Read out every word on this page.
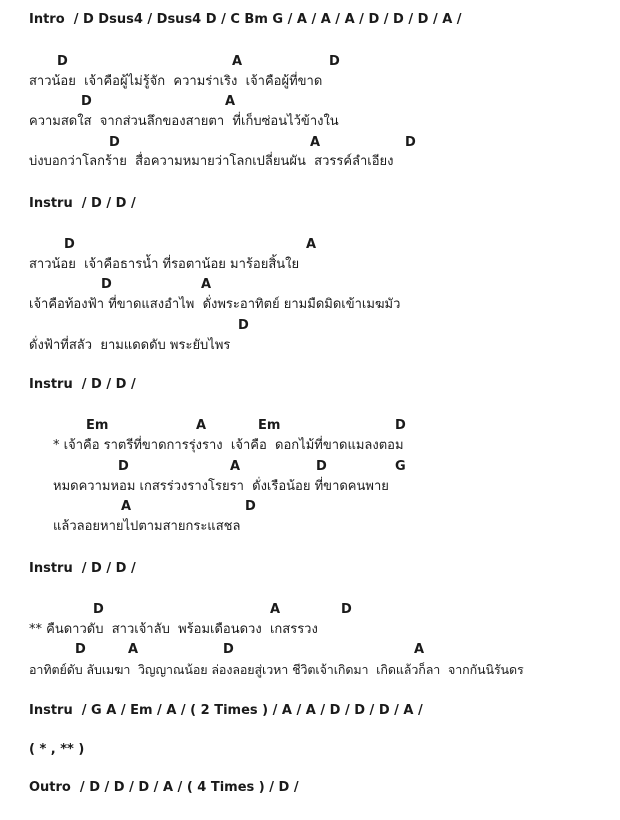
Intro  / D Dsus4 / Dsus4 D / C Bm G / A / A / A / D / D / D / A /
D	A	D
สาวน้อย  เจ้าคือผู้ไม่รู้จัก  ความร่าเริง  เจ้าคือผู้ที่ขาด
D	A
ความสดใส  จากส่วนลึกของสายตา  ที่เก็บซ่อนไว้ข้างใน
D	A	D
บ่งบอกว่าโลกร้าย  สื่อความหมายว่าโลกเปลี่ยนผัน  สวรรค์ลำเอียง
Instru  / D / D /
D	A
สาวน้อย  เจ้าคือธารน้ำ ที่รอตาน้อย มาร้อยสิ้นใย
D	A
เจ้าคือท้องฟ้า ที่ขาดแสงอำไพ  ดั่งพระอาทิตย์ ยามมืดมิดเข้าเมฆมัว
D
ดั่งฟ้าที่สลัว  ยามแดดดับ พระยับไพร
Instru  / D / D /
Em	A	Em	D
* เจ้าคือ ราตรีที่ขาดการรุ่งราง  เจ้าคือ  ดอกไม้ที่ขาดแมลงตอม
D	A	D	G
หมดความหอม เกสรร่วงรางโรยรา  ดั่งเรือน้อย ที่ขาดคนพาย
A	D
แล้วลอยหายไปตามสายกระแสชล
Instru  / D / D /
D	A	D
** คืนดาวดับ  สาวเจ้าลับ  พร้อมเดือนดวง  เกสรรวง
D	A	D	A
อาทิตย์ดับ ลับเมฆา  วิญญาณน้อย ล่องลอยสู่เวหา ชีวิตเจ้าเกิดมา  เกิดแล้วก็ลา  จากกันนิรันดร
Instru  / G A / Em / A / ( 2 Times ) / A / A / D / D / D / A /
( * , ** )
Outro  / D / D / D / A / ( 4 Times ) / D /
